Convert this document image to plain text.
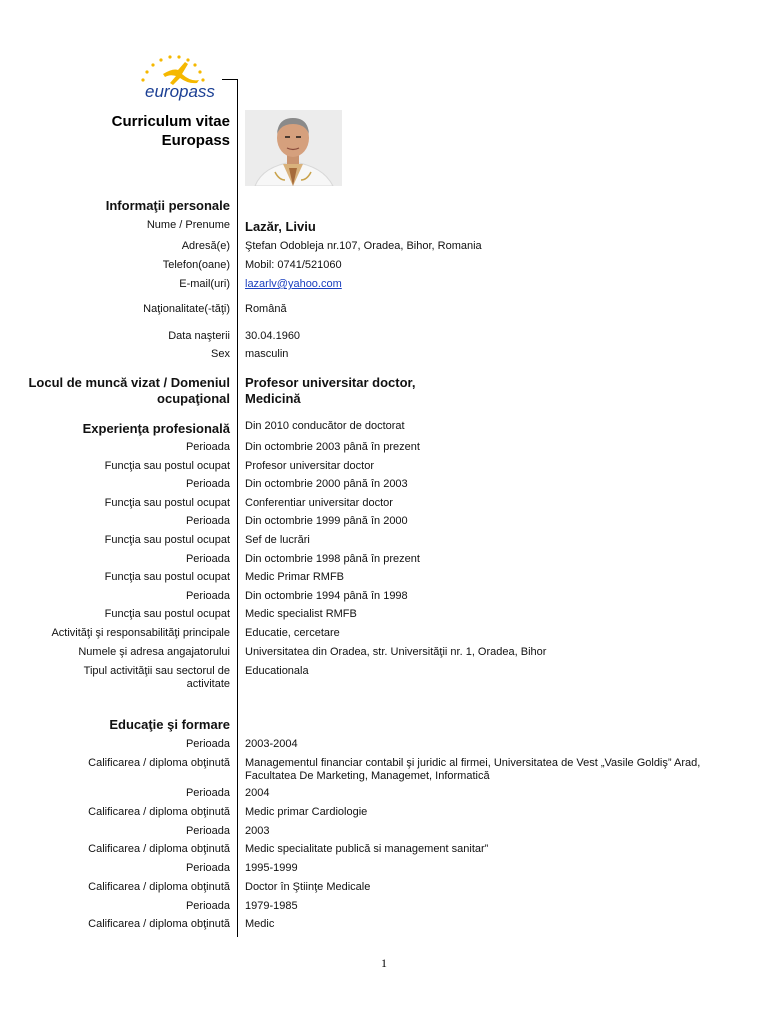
europass
Curriculum vitae
Europass
Informaţii personale
Nume / Prenume Lazăr, Liviu
Adresă(e) Ştefan Odobleja nr.107, Oradea, Bihor, Romania
Telefon(oane) Mobil: 0741/521060
E-mail(uri) lazarlv@yahoo.com
Naţionalitate(-tăţi) Română
Data naşterii 30.04.1960
Sex masculin
Locul de muncă vizat / Domeniul
ocupaţional
Profesor universitar doctor,
Medicină
Experienţa profesională Din 2010 conducător de doctorat
Perioada Din octombrie 2003 până în prezent
Funcţia sau postul ocupat Profesor universitar doctor
Perioada Din octombrie 2000 până în 2003
Funcţia sau postul ocupat Conferentiar universitar doctor
Perioada Din octombrie 1999 până în 2000
Funcţia sau postul ocupat Sef de lucrări
Perioada Din octombrie 1998 până în prezent
Funcţia sau postul ocupat Medic Primar RMFB
Perioada Din octombrie 1994 până în 1998
Funcţia sau postul ocupat Medic specialist RMFB
Activităţi şi responsabilităţi principale Educatie, cercetare
Numele şi adresa angajatorului Universitatea din Oradea, str. Universităţii nr. 1, Oradea, Bihor
Tipul activităţii sau sectorul de
activitate
Educationala
Educaţie şi formare
Perioada 2003-2004
Calificarea / diploma obţinută Managementul financiar contabil şi juridic al firmei, Universitatea de Vest „Vasile Goldiş” Arad,
Facultatea De Marketing, Managemet, Informatică
Perioada 2004
Calificarea / diploma obţinută Medic primar Cardiologie
Perioada 2003
Calificarea / diploma obţinută Medic specialitate publică si management sanitar”
Perioada 1995-1999
Calificarea / diploma obţinută Doctor în Ştiinţe Medicale
Perioada 1979-1985
Calificarea / diploma obţinută Medic
1
